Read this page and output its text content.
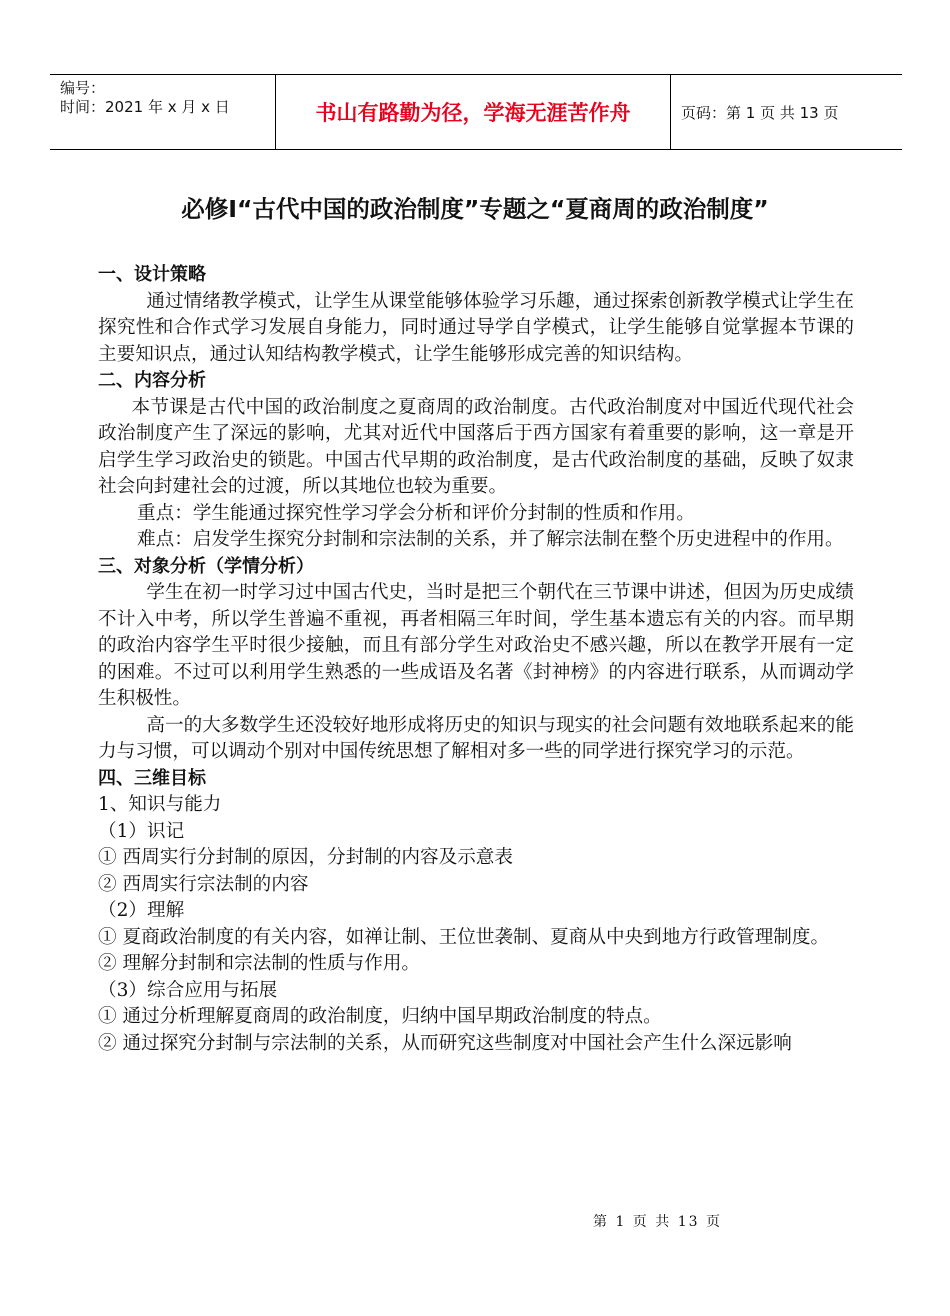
编号：
时间：2021 年 x 月 x 日	书山有路勤为径，学海无涯苦作舟	页码：第 1 页 共 13 页
必修Ⅰ“古代中国的政治制度”专题之“夏商周的政治制度”

一、设计策略

通过情绪教学模式，让学生从课堂能够体验学习乐趣，通过探索创新教学模式让学生在探究性和合作式学习发展自身能力，同时通过导学自学模式，让学生能够自觉掌握本节课的主要知识点，通过认知结构教学模式，让学生能够形成完善的知识结构。

二、内容分析

本节课是古代中国的政治制度之夏商周的政治制度。古代政治制度对中国近代现代社会政治制度产生了深远的影响，尤其对近代中国落后于西方国家有着重要的影响，这一章是开启学生学习政治史的锁匙。中国古代早期的政治制度，是古代政治制度的基础，反映了奴隶社会向封建社会的过渡，所以其地位也较为重要。

重点：学生能通过探究性学习学会分析和评价分封制的性质和作用。

难点：启发学生探究分封制和宗法制的关系，并了解宗法制在整个历史进程中的作用。

三、对象分析（学情分析）

学生在初一时学习过中国古代史，当时是把三个朝代在三节课中讲述，但因为历史成绩不计入中考，所以学生普遍不重视，再者相隔三年时间，学生基本遗忘有关的内容。而早期的政治内容学生平时很少接触，而且有部分学生对政治史不感兴趣，所以在教学开展有一定的困难。不过可以利用学生熟悉的一些成语及名著《封神榜》的内容进行联系，从而调动学生积极性。

高一的大多数学生还没较好地形成将历史的知识与现实的社会问题有效地联系起来的能力与习惯，可以调动个别对中国传统思想了解相对多一些的同学进行探究学习的示范。

四、三维目标

1、知识与能力

（1）识记

① 西周实行分封制的原因，分封制的内容及示意表

② 西周实行宗法制的内容

（2）理解

① 夏商政治制度的有关内容，如禅让制、王位世袭制、夏商从中央到地方行政管理制度。

② 理解分封制和宗法制的性质与作用。

（3）综合应用与拓展

① 通过分析理解夏商周的政治制度，归纳中国早期政治制度的特点。

② 通过探究分封制与宗法制的关系，从而研究这些制度对中国社会产生什么深远影响

第 1 页 共 13 页
